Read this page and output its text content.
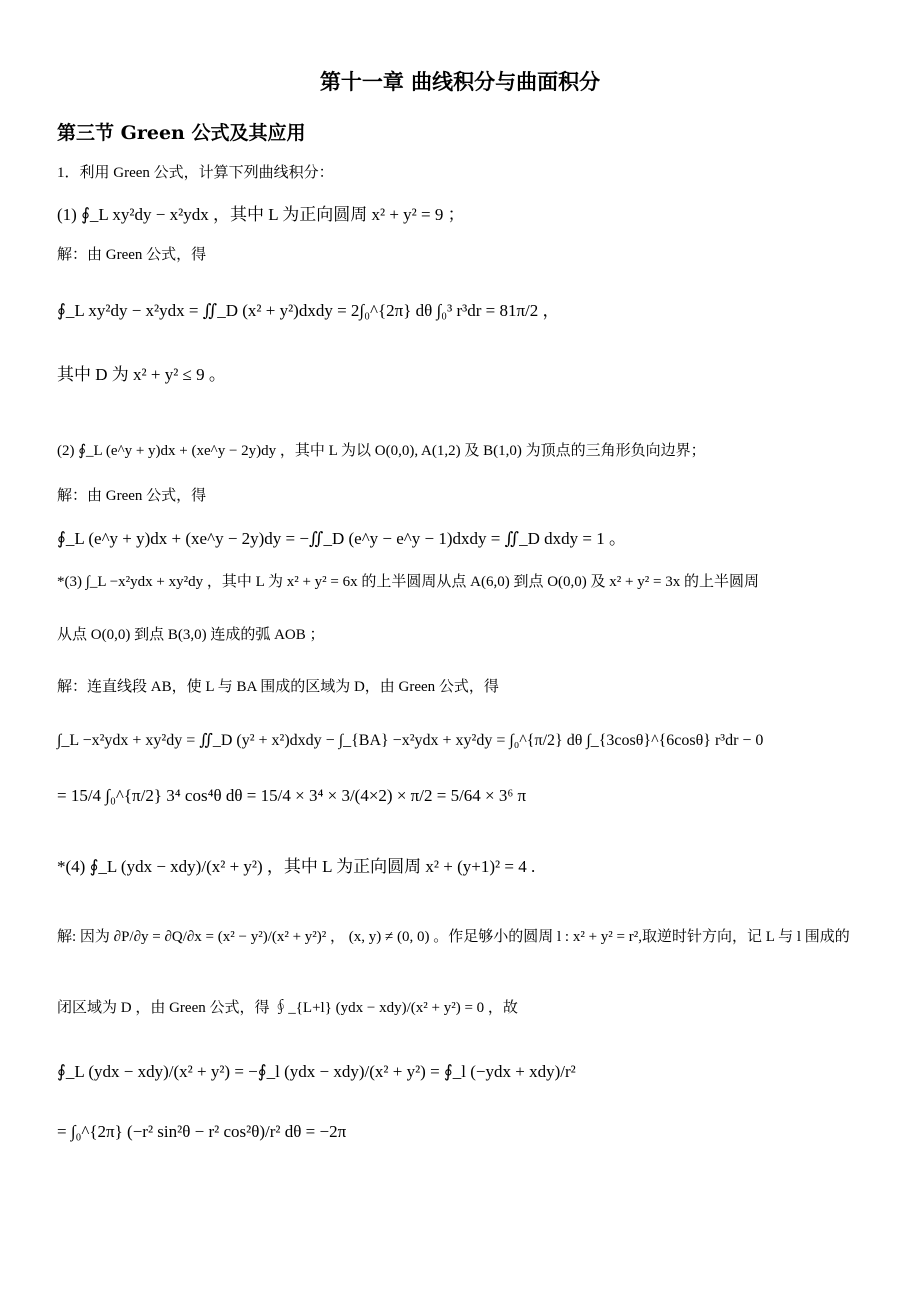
第十一章 曲线积分与曲面积分
第三节 Green 公式及其应用
1．利用 Green 公式，计算下列曲线积分：
(1) ∮_L xy²dy − x²ydx ，其中 L 为正向圆周 x² + y² = 9 ；
解：由 Green 公式，得
∮_L xy²dy − x²ydx = ∬_D (x² + y²)dxdy = 2∫₀^{2π} dθ ∫₀³ r³dr = 81π/2 ，
其中 D 为 x² + y² ≤ 9 。
(2) ∮_L (e^y + y)dx + (xe^y − 2y)dy ，其中 L 为以 O(0,0), A(1,2) 及 B(1,0) 为顶点的三角形负向边界；
解：由 Green 公式，得
∮_L (e^y + y)dx + (xe^y − 2y)dy = −∬_D (e^y − e^y − 1)dxdy = ∬_D dxdy = 1 。
*(3) ∫_L −x²ydx + xy²dy ，其中 L 为 x² + y² = 6x 的上半圆周从点 A(6,0) 到点 O(0,0) 及 x² + y² = 3x 的上半圆周
从点 O(0,0) 到点 B(3,0) 连成的弧 AOB ；
解：连直线段 AB，使 L 与 BA 围成的区域为 D，由 Green 公式，得
∫_L −x²ydx + xy²dy = ∬_D (y² + x²)dxdy − ∫_{BA} −x²ydx + xy²dy = ∫₀^{π/2} dθ ∫_{3cosθ}^{6cosθ} r³dr − 0
= 15/4 ∫₀^{π/2} 3⁴ cos⁴θ dθ = 15/4 × 3⁴ × 3/(4×2) × π/2 = 5/64 × 3⁶ π
*(4) ∮_L (ydx − xdy)/(x² + y²) ，其中 L 为正向圆周 x² + (y+1)² = 4 .
解: 因为 ∂P/∂y = ∂Q/∂x = (x² − y²)/(x² + y²)² ， (x, y) ≠ (0, 0) 。作足够小的圆周 l : x² + y² = r²,取逆时针方向，记 L 与 l 围成的
闭区域为 D ，由 Green 公式，得 ∮_{L+l} (ydx − xdy)/(x² + y²) = 0 ，故
∮_L (ydx − xdy)/(x² + y²) = −∮_l (ydx − xdy)/(x² + y²) = ∮_l (−ydx + xdy)/r²
= ∫₀^{2π} (−r² sin²θ − r² cos²θ)/r² dθ = −2π
